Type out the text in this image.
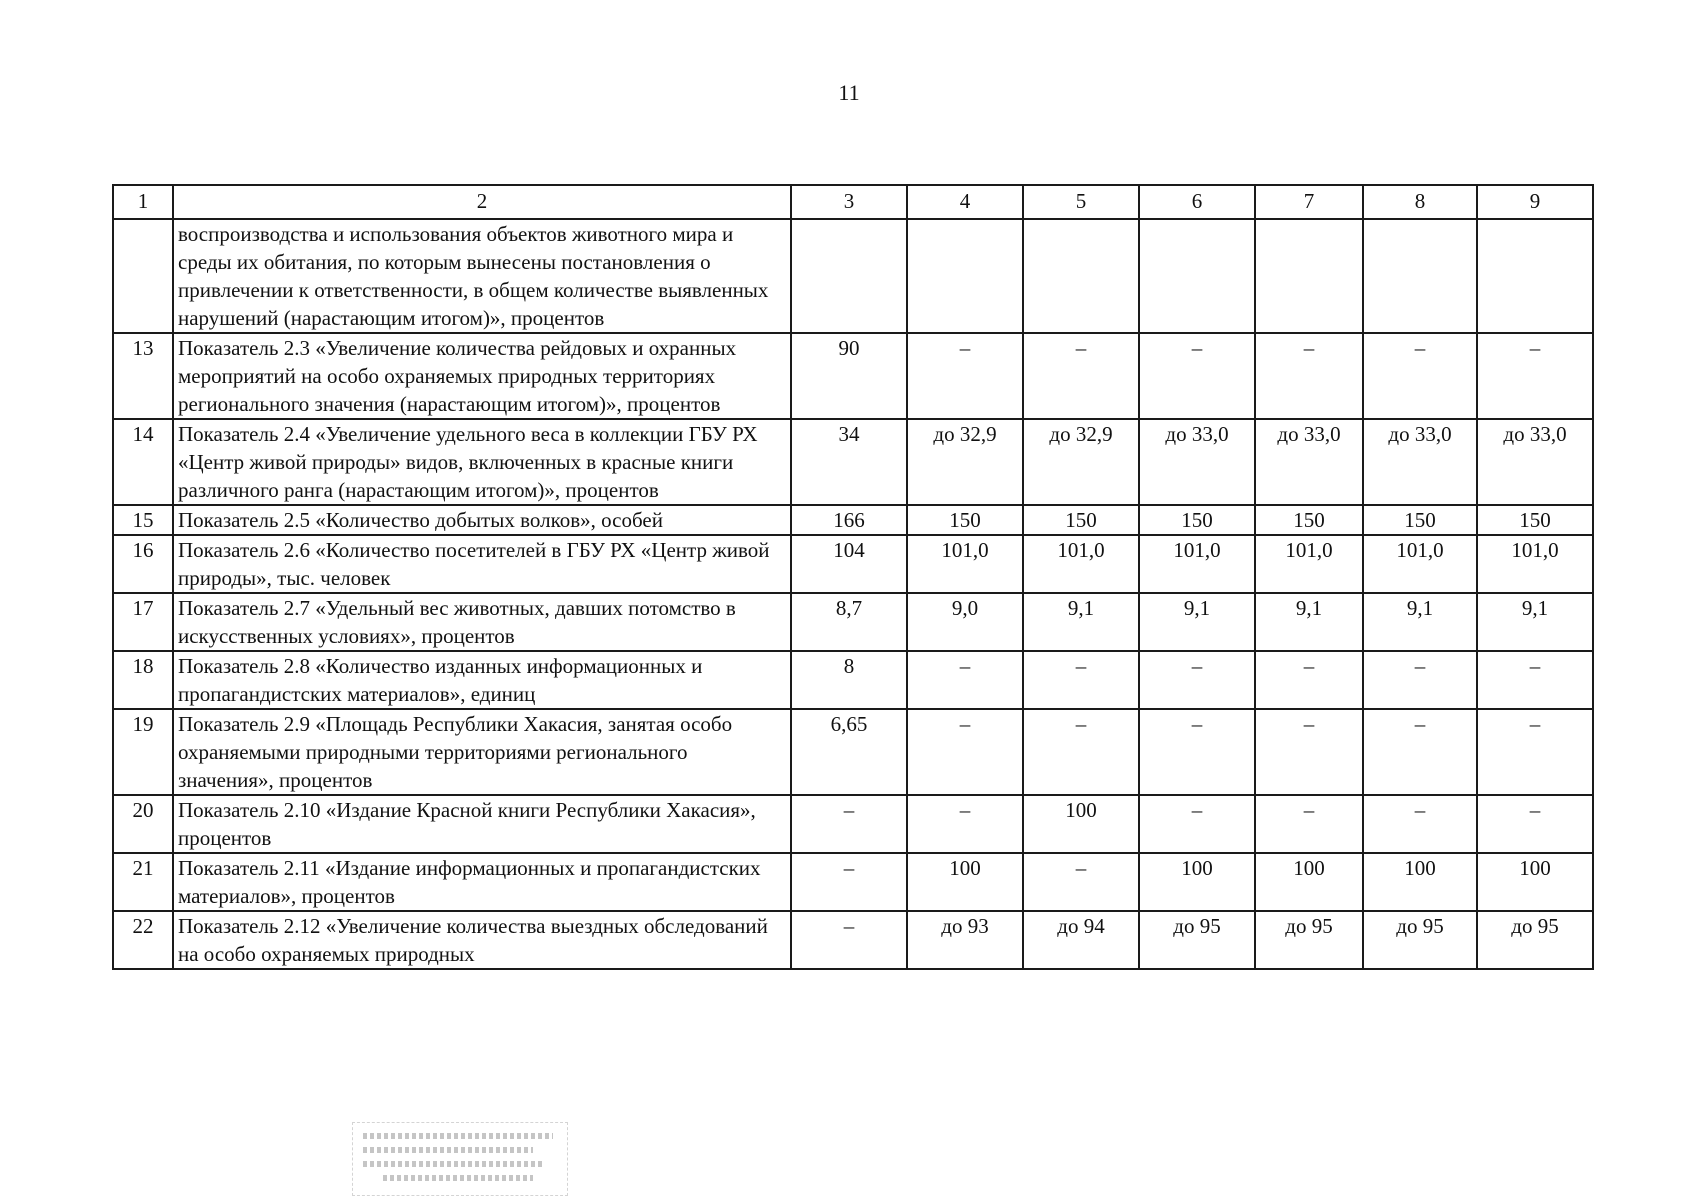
11
1	2	3	4	5	6	7	8	9
	воспроизводства и использования объектов животного мира и среды их обитания, по которым вынесены постановления о привлечении к ответственности, в общем количестве выявленных нарушений (нарастающим итогом)», процентов							
13	Показатель 2.3 «Увеличение количества рейдовых и охранных мероприятий на особо охраняемых природных территориях регионального значения (нарастающим итогом)», процентов	90	–	–	–	–	–	–
14	Показатель 2.4 «Увеличение удельного веса в коллекции ГБУ РХ «Центр живой природы» видов, включенных в красные книги различного ранга (нарастающим итогом)», процентов	34	до 32,9	до 32,9	до 33,0	до 33,0	до 33,0	до 33,0
15	Показатель 2.5 «Количество добытых волков», особей	166	150	150	150	150	150	150
16	Показатель 2.6 «Количество посетителей в ГБУ РХ «Центр живой природы», тыс. человек	104	101,0	101,0	101,0	101,0	101,0	101,0
17	Показатель 2.7 «Удельный вес животных, давших потомство в искусственных условиях», процентов	8,7	9,0	9,1	9,1	9,1	9,1	9,1
18	Показатель 2.8 «Количество изданных информационных и пропагандистских материалов», единиц	8	–	–	–	–	–	–
19	Показатель 2.9 «Площадь Республики Хакасия, занятая особо охраняемыми природными территориями регионального значения», процентов	6,65	–	–	–	–	–	–
20	Показатель 2.10 «Издание Красной книги Республики Хакасия», процентов	–	–	100	–	–	–	–
21	Показатель 2.11 «Издание информационных и пропагандистских материалов», процентов	–	100	–	100	100	100	100
22	Показатель 2.12 «Увеличение количества выездных обследований на особо охраняемых природных	–	до 93	до 94	до 95	до 95	до 95	до 95
